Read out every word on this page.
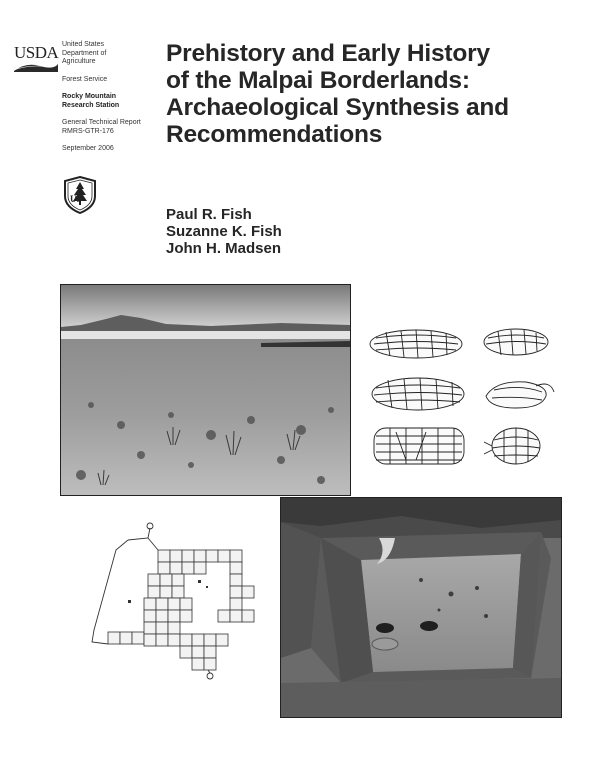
USDA United States
Department of
Agriculture
Forest Service
Rocky Mountain
Research Station
General Technical Report
RMRS-GTR-176
September 2006
US
Prehistory and Early History
of the Malpai Borderlands:
Archaeological Synthesis and
Recommendations
Paul R. Fish
Suzanne K. Fish
John H. Madsen
